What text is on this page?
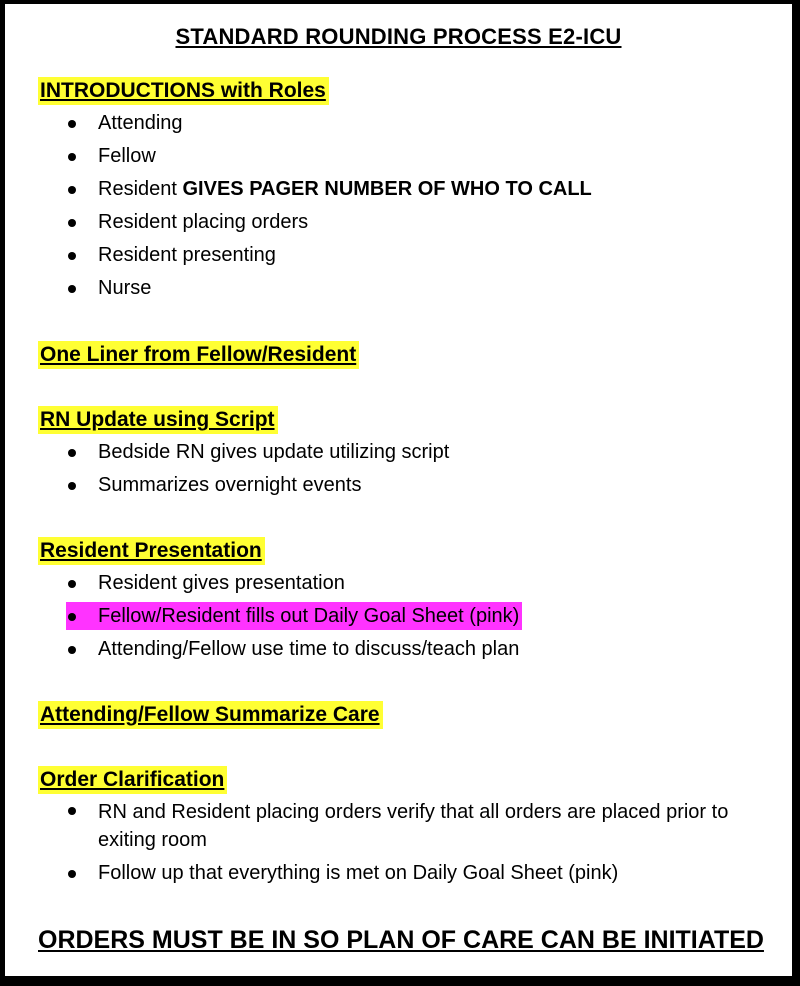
STANDARD ROUNDING PROCESS E2-ICU
INTRODUCTIONS with Roles
Attending
Fellow
Resident GIVES PAGER NUMBER OF WHO TO CALL
Resident placing orders
Resident presenting
Nurse
One Liner from Fellow/Resident
RN Update using Script
Bedside RN gives update utilizing script
Summarizes overnight events
Resident Presentation
Resident gives presentation
Fellow/Resident fills out Daily Goal Sheet (pink)
Attending/Fellow use time to discuss/teach plan
Attending/Fellow Summarize Care
Order Clarification
RN and Resident placing orders verify that all orders are placed prior to exiting room
Follow up that everything is met on Daily Goal Sheet (pink)
ORDERS MUST BE IN SO PLAN OF CARE CAN BE INITIATED
